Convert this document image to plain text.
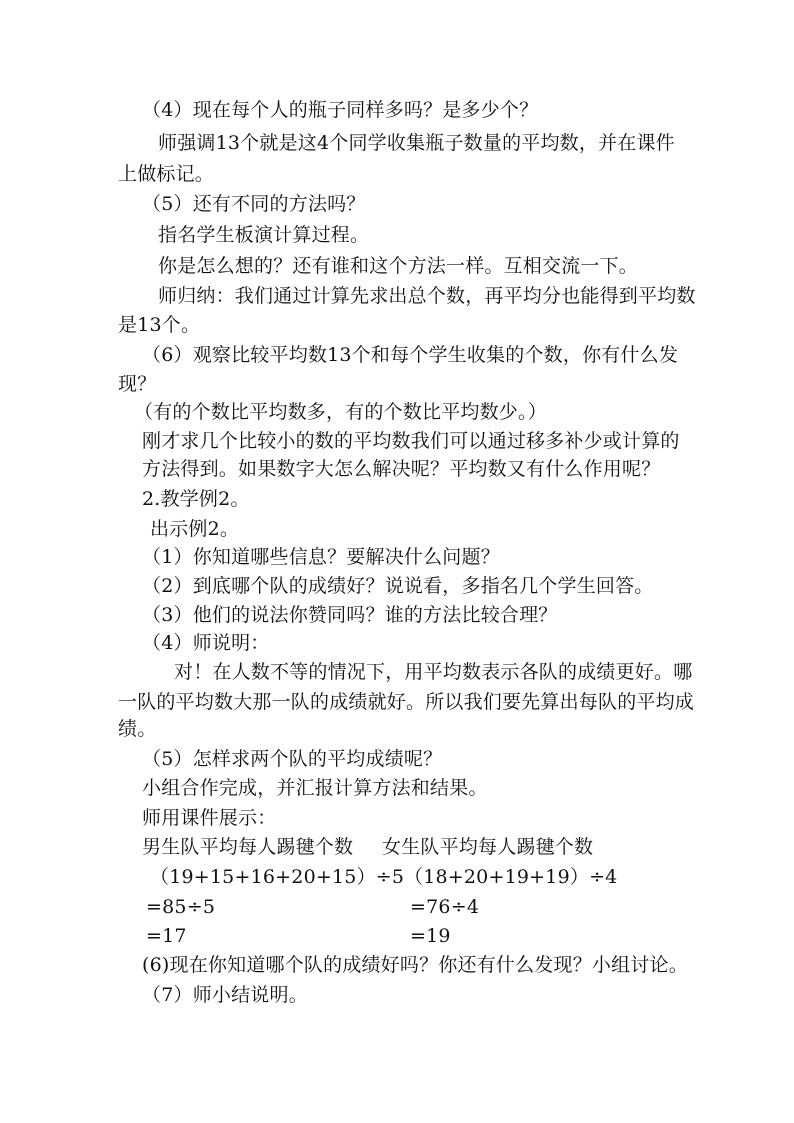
（4）现在每个人的瓶子同样多吗？是多少个？
师强调13个就是这4个同学收集瓶子数量的平均数，并在课件
上做标记。
（5）还有不同的方法吗？
指名学生板演计算过程。
你是怎么想的？还有谁和这个方法一样。互相交流一下。
师归纳：我们通过计算先求出总个数，再平均分也能得到平均数
是13个。
（6）观察比较平均数13个和每个学生收集的个数，你有什么发
现？
（有的个数比平均数多，有的个数比平均数少。）
刚才求几个比较小的数的平均数我们可以通过移多补少或计算的
方法得到。如果数字大怎么解决呢？平均数又有什么作用呢？
2.教学例2。
出示例2。
（1）你知道哪些信息？要解决什么问题？
（2）到底哪个队的成绩好？说说看，多指名几个学生回答。
（3）他们的说法你赞同吗？谁的方法比较合理？
（4）师说明：
对！在人数不等的情况下，用平均数表示各队的成绩更好。哪
一队的平均数大那一队的成绩就好。所以我们要先算出每队的平均成
绩。
（5）怎样求两个队的平均成绩呢？
小组合作完成，并汇报计算方法和结果。
师用课件展示：
男生队平均每人踢毽个数 女生队平均每人踢毽个数
（19+15+16+20+15）÷5 （18+20+19+19）÷4
=85÷5	=76÷4
=17	=19
(6)现在你知道哪个队的成绩好吗？你还有什么发现？小组讨论。
（7）师小结说明。
